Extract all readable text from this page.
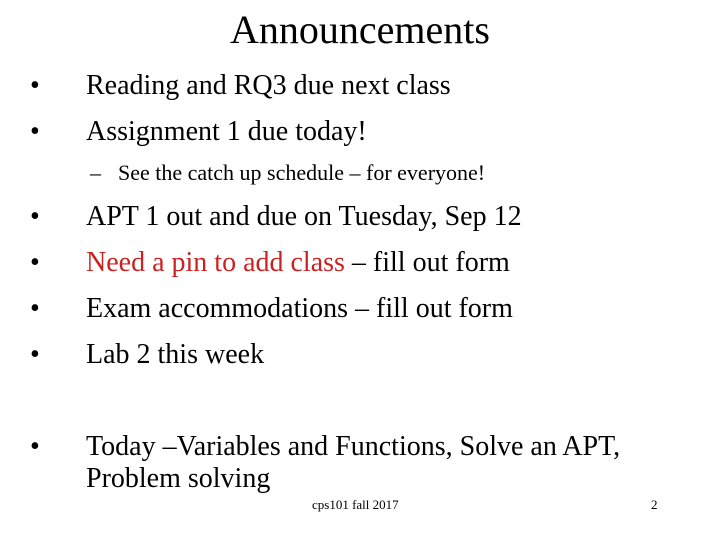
Announcements
•	Reading and RQ3 due next class
•	Assignment 1 due today!
– See the catch up schedule – for everyone!
•	APT 1 out and due on Tuesday, Sep 12
•	Need a pin to add class – fill out form
•	Exam accommodations – fill out form
•	Lab 2 this week
•	Today –Variables and Functions, Solve an APT, Problem solving
cps101 fall 2017	2
